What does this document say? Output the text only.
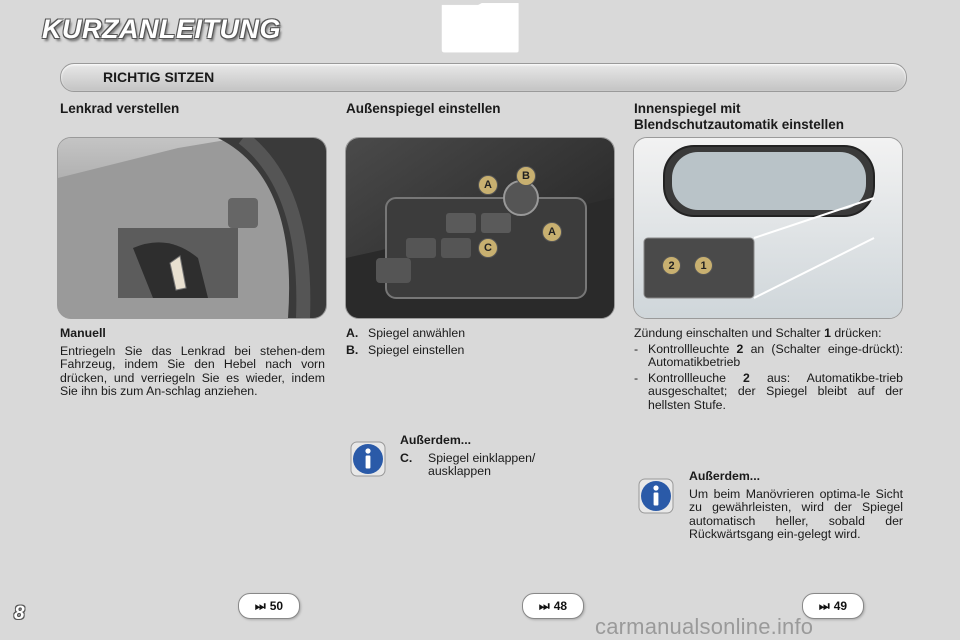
KURZANLEITUNG
RICHTIG SITZEN
Lenkrad verstellen
Manuell
Entriegeln Sie das Lenkrad bei stehen-dem Fahrzeug, indem Sie den Hebel nach vorn drücken, und verriegeln Sie es wieder, indem Sie ihn bis zum An-schlag anziehen.
Außenspiegel einstellen
A
B
C
A
A. Spiegel anwählen
B. Spiegel einstellen
Außerdem...
C.	Spiegel einklappen/ ausklappen
Innenspiegel mit
Blendschutzautomatik einstellen
2	1
Zündung einschalten und Schalter 1 drücken:
- Kontrollleuchte 2 an (Schalter einge-drückt): Automatikbetrieb
- Kontrollleuche 2 aus: Automatikbe-trieb ausgeschaltet; der Spiegel bleibt auf der hellsten Stufe.
Außerdem...
Um beim Manövrieren optima-le Sicht zu gewährleisten, wird der Spiegel automatisch heller, sobald der Rückwärtsgang ein-gelegt wird.
⏭ 50	⏭ 48	⏭ 49
8
carmanualsonline.info
